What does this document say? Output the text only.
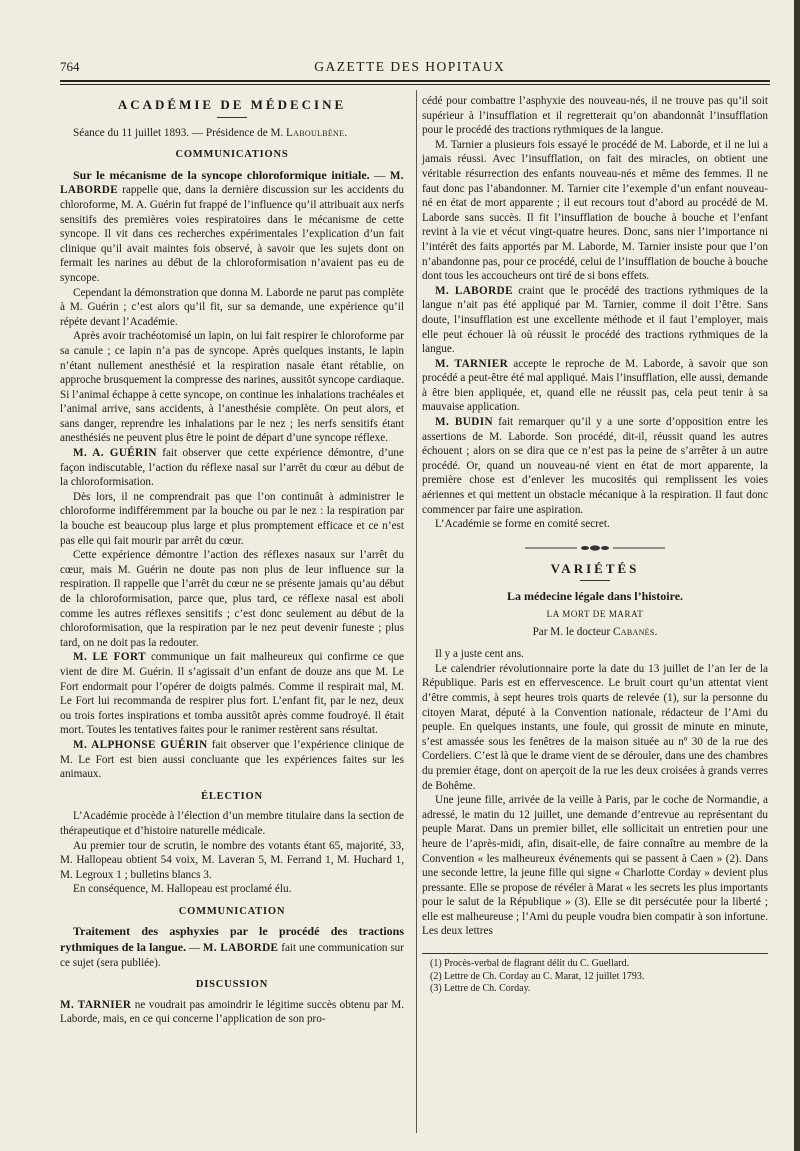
764	GAZETTE DES HOPITAUX
ACADÉMIE DE MÉDECINE

Séance du 11 juillet 1893. — Présidence de M. Laboulbène.

COMMUNICATIONS

Sur le mécanisme de la syncope chloroformique initiale. — M. LABORDE rappelle que, dans la dernière discussion sur les accidents du chloroforme, M. A. Guérin fut frappé de l’influence qu’il attribuait aux nerfs sensitifs des premières voies respiratoires dans le mécanisme de cette syncope. Il vit dans ces recherches expérimentales l’explication d’un fait clinique qu’il avait maintes fois observé, à savoir que les sujets dont on fermait les narines au début de la chloroformisation n’avaient pas eu de syncope.

Cependant la démonstration que donna M. Laborde ne parut pas complète à M. Guérin ; c’est alors qu’il fit, sur sa demande, une expérience qu’il répéte devant l’Académie.

Après avoir trachéotomisé un lapin, on lui fait respirer le chloroforme par sa canule ; ce lapin n’a pas de syncope. Après quelques instants, le lapin n’étant nullement anesthésié et la respiration nasale étant rétablie, on approche brusquement la compresse des narines, aussitôt syncope cardiaque. Si l’animal échappe à cette syncope, on continue les inhalations trachéales et l’animal arrive, sans accidents, à l’anesthésie complète. On peut alors, et sans danger, reprendre les inhalations par le nez ; les nerfs sensitifs étant anesthésiés ne peuvent plus être le point de départ d’une syncope réflexe.

M. A. GUÉRIN fait observer que cette expérience démontre, d’une façon indiscutable, l’action du réflexe nasal sur l’arrêt du cœur au début de la chloroformisation.

Dès lors, il ne comprendrait pas que l’on continuât à administrer le chloroforme indifféremment par la bouche ou par le nez : la respiration par la bouche est beaucoup plus large et plus promptement efficace et ce n’est pas elle qui fait mourir par arrêt du cœur.

Cette expérience démontre l’action des réflexes nasaux sur l’arrêt du cœur, mais M. Guérin ne doute pas non plus de leur influence sur la respiration. Il rappelle que l’arrêt du cœur ne se présente jamais qu’au début de la chloroformisation, parce que, plus tard, ce réflexe nasal est aboli comme les autres réflexes sensitifs ; c’est donc seulement au début de la chloroformisation, que la respiration par le nez peut devenir funeste ; plus tard, on ne doit pas la redouter.

M. LE FORT communique un fait malheureux qui confirme ce que vient de dire M. Guérin. Il s’agissait d’un enfant de douze ans que M. Le Fort endormait pour l’opérer de doigts palmés. Comme il respirait mal, M. Le Fort lui recommanda de respirer plus fort. L’enfant fit, par le nez, deux ou trois fortes inspirations et tomba aussitôt après comme foudroyé. Il était mort. Toutes les tentatives faites pour le ranimer restèrent sans résultat.

M. ALPHONSE GUÉRIN fait observer que l’expérience clinique de M. Le Fort est bien aussi concluante que les expériences faites sur les animaux.

ÉLECTION

L’Académie procède à l’élection d’un membre titulaire dans la section de thérapeutique et d’histoire naturelle médicale.

Au premier tour de scrutin, le nombre des votants étant 65, majorité, 33, M. Hallopeau obtient 54 voix, M. Laveran 5, M. Ferrand 1, M. Huchard 1, M. Legroux 1 ; bulletins blancs 3.

En conséquence, M. Hallopeau est proclamé élu.

COMMUNICATION

Traitement des asphyxies par le procédé des tractions rythmiques de la langue. — M. LABORDE fait une communication sur ce sujet (sera publiée).

DISCUSSION

M. TARNIER ne voudrait pas amoindrir le légitime succès obtenu par M. Laborde, mais, en ce qui concerne l’application de son pro-

cédé pour combattre l’asphyxie des nouveau-nés, il ne trouve pas qu’il soit supérieur à l’insufflation et il regretterait qu’on abandonnât l’insufflation pour le procédé des tractions rythmiques de la langue.

M. Tarnier a plusieurs fois essayé le procédé de M. Laborde, et il ne lui a jamais réussi. Avec l’insufflation, on fait des miracles, on obtient une véritable résurrection des enfants nouveau-nés et même des femmes. Il ne faut donc pas l’abandonner. M. Tarnier cite l’exemple d’un enfant nouveau-né en état de mort apparente ; il eut recours tout d’abord au procédé de M. Laborde sans succès. Il fit l’insufflation de bouche à bouche et l’enfant revint à la vie et vécut vingt-quatre heures. Donc, sans nier l’importance ni l’intérêt des faits apportés par M. Laborde, M. Tarnier insiste pour que l’on n’abandonne pas, pour ce procédé, celui de l’insufflation de bouche à bouche dont tous les accoucheurs ont tiré de si bons effets.

M. LABORDE craint que le procédé des tractions rythmiques de la langue n’ait pas été appliqué par M. Tarnier, comme il doit l’être. Sans doute, l’insufflation est une excellente méthode et il faut l’employer, mais elle peut échouer là où réussit le procédé des tractions rythmiques de la langue.

M. TARNIER accepte le reproche de M. Laborde, à savoir que son procédé a peut-être été mal appliqué. Mais l’insufflation, elle aussi, demande à être bien appliquée, et, quand elle ne réussit pas, cela peut tenir à sa mauvaise application.

M. BUDIN fait remarquer qu’il y a une sorte d’opposition entre les assertions de M. Laborde. Son procédé, dit-il, réussit quand les autres échouent ; alors on se dira que ce n’est pas la peine de s’arrêter à un autre procédé. Or, quand un nouveau-né vient en état de mort apparente, la première chose est d’enlever les mucosités qui remplissent les voies aériennes et qui mettent un obstacle mécanique à la respiration. Il faut donc commencer par faire une aspiration.

L’Académie se forme en comité secret.

VARIÉTÉS
La médecine légale dans l’histoire.
LA MORT DE MARAT
Par M. le docteur Cabanès.

Il y a juste cent ans.

Le calendrier révolutionnaire porte la date du 13 juillet de l’an Ier de la République. Paris est en effervescence. Le bruit court qu’un attentat vient d’être commis, à sept heures trois quarts de relevée (1), sur la personne du citoyen Marat, député à la Convention nationale, rédacteur de l’Ami du peuple. En quelques instants, une foule, qui grossit de minute en minute, s’est amassée sous les fenêtres de la maison située au nº 30 de la rue des Cordeliers. C’est là que le drame vient de se dérouler, dans une des chambres du premier étage, dont on aperçoit de la rue les deux croisées à grands verres de Bohême.

Une jeune fille, arrivée de la veille à Paris, par le coche de Normandie, a adressé, le matin du 12 juillet, une demande d’entrevue au représentant du peuple Marat. Dans un premier billet, elle sollicitait un entretien pour une heure de l’après-midi, afin, disait-elle, de faire connaître au membre de la Convention « les malheureux événements qui se passent à Caen » (2). Dans une seconde lettre, la jeune fille qui signe « Charlotte Corday » devient plus pressante. Elle se propose de révéler à Marat « les secrets les plus importants pour le salut de la République » (3). Elle se dit persécutée pour la liberté ; elle est malheureuse ; l’Ami du peuple voudra bien compatir à son infortune. Les deux lettres

(1) Procès-verbal de flagrant délit du C. Guellard.
(2) Lettre de Ch. Corday au C. Marat, 12 juillet 1793.
(3) Lettre de Ch. Corday.
